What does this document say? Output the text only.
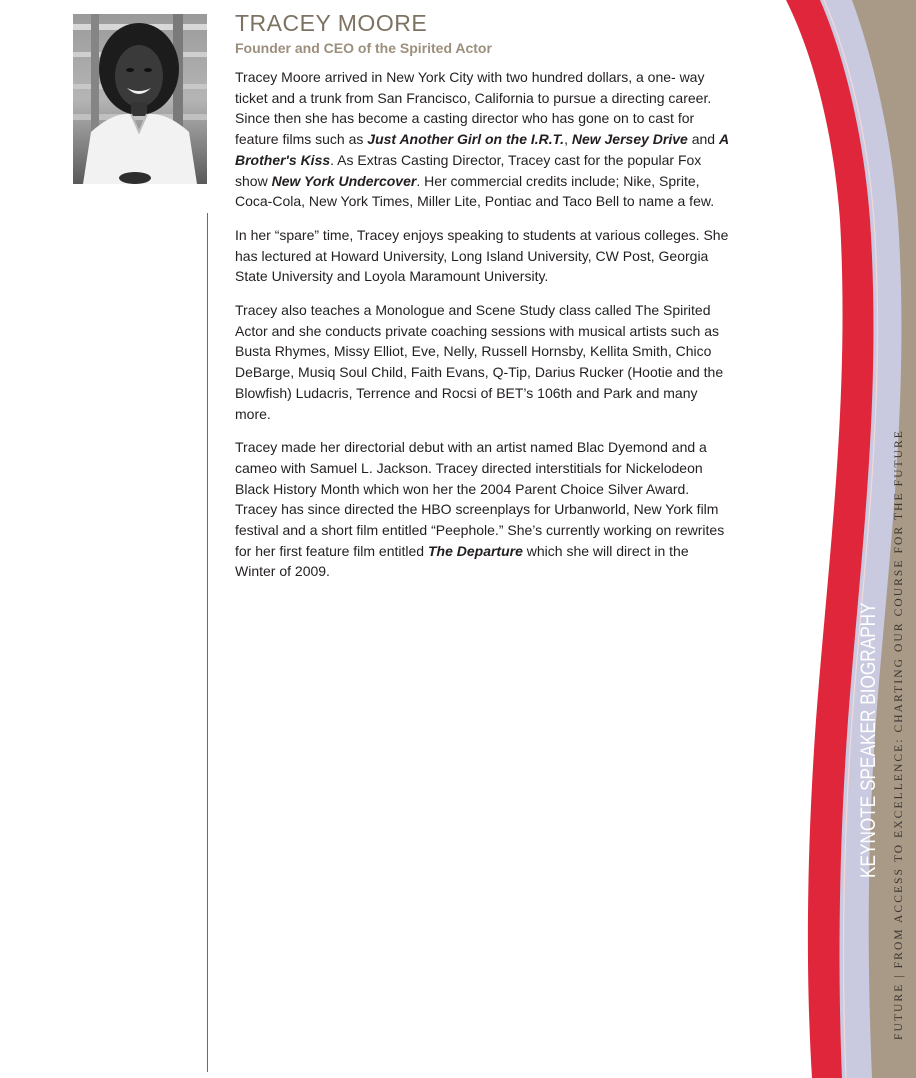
TRACEY MOORE
Founder and CEO of the Spirited Actor

Tracey Moore arrived in New York City with two hundred dollars, a one- way ticket and a trunk from San Francisco, California to pursue a directing career. Since then she has become a casting director who has gone on to cast for feature films such as Just Another Girl on the I.R.T., New Jersey Drive and A Brother's Kiss. As Extras Casting Director, Tracey cast for the popular Fox show New York Undercover. Her commercial credits include; Nike, Sprite, Coca-Cola, New York Times, Miller Lite, Pontiac and Taco Bell to name a few.

In her “spare” time, Tracey enjoys speaking to students at various colleges. She has lectured at Howard University, Long Island University, CW Post, Georgia State University and Loyola Maramount University.

Tracey also teaches a Monologue and Scene Study class called The Spirited Actor and she conducts private coaching sessions with musical artists such as Busta Rhymes, Missy Elliot, Eve, Nelly, Russell Hornsby, Kellita Smith, Chico DeBarge, Musiq Soul Child, Faith Evans, Q-Tip, Darius Rucker (Hootie and the Blowfish) Ludacris, Terrence and Rocsi of BET’s 106th and Park and many more.

Tracey made her directorial debut with an artist named Blac Dyemond and a cameo with Samuel L. Jackson. Tracey directed interstitials for Nickelodeon Black History Month which won her the 2004 Parent Choice Silver Award. Tracey has since directed the HBO screenplays for Urbanworld, New York film festival and a short film entitled “Peephole.” She’s currently working on rewrites for her first feature film entitled The Departure which she will direct in the Winter of 2009.

KEYNOTE SPEAKER BIOGRAPHY FUTURE | FROM ACCESS TO EXCELLENCE: CHARTING OUR COURSE FOR THE FUTURE
